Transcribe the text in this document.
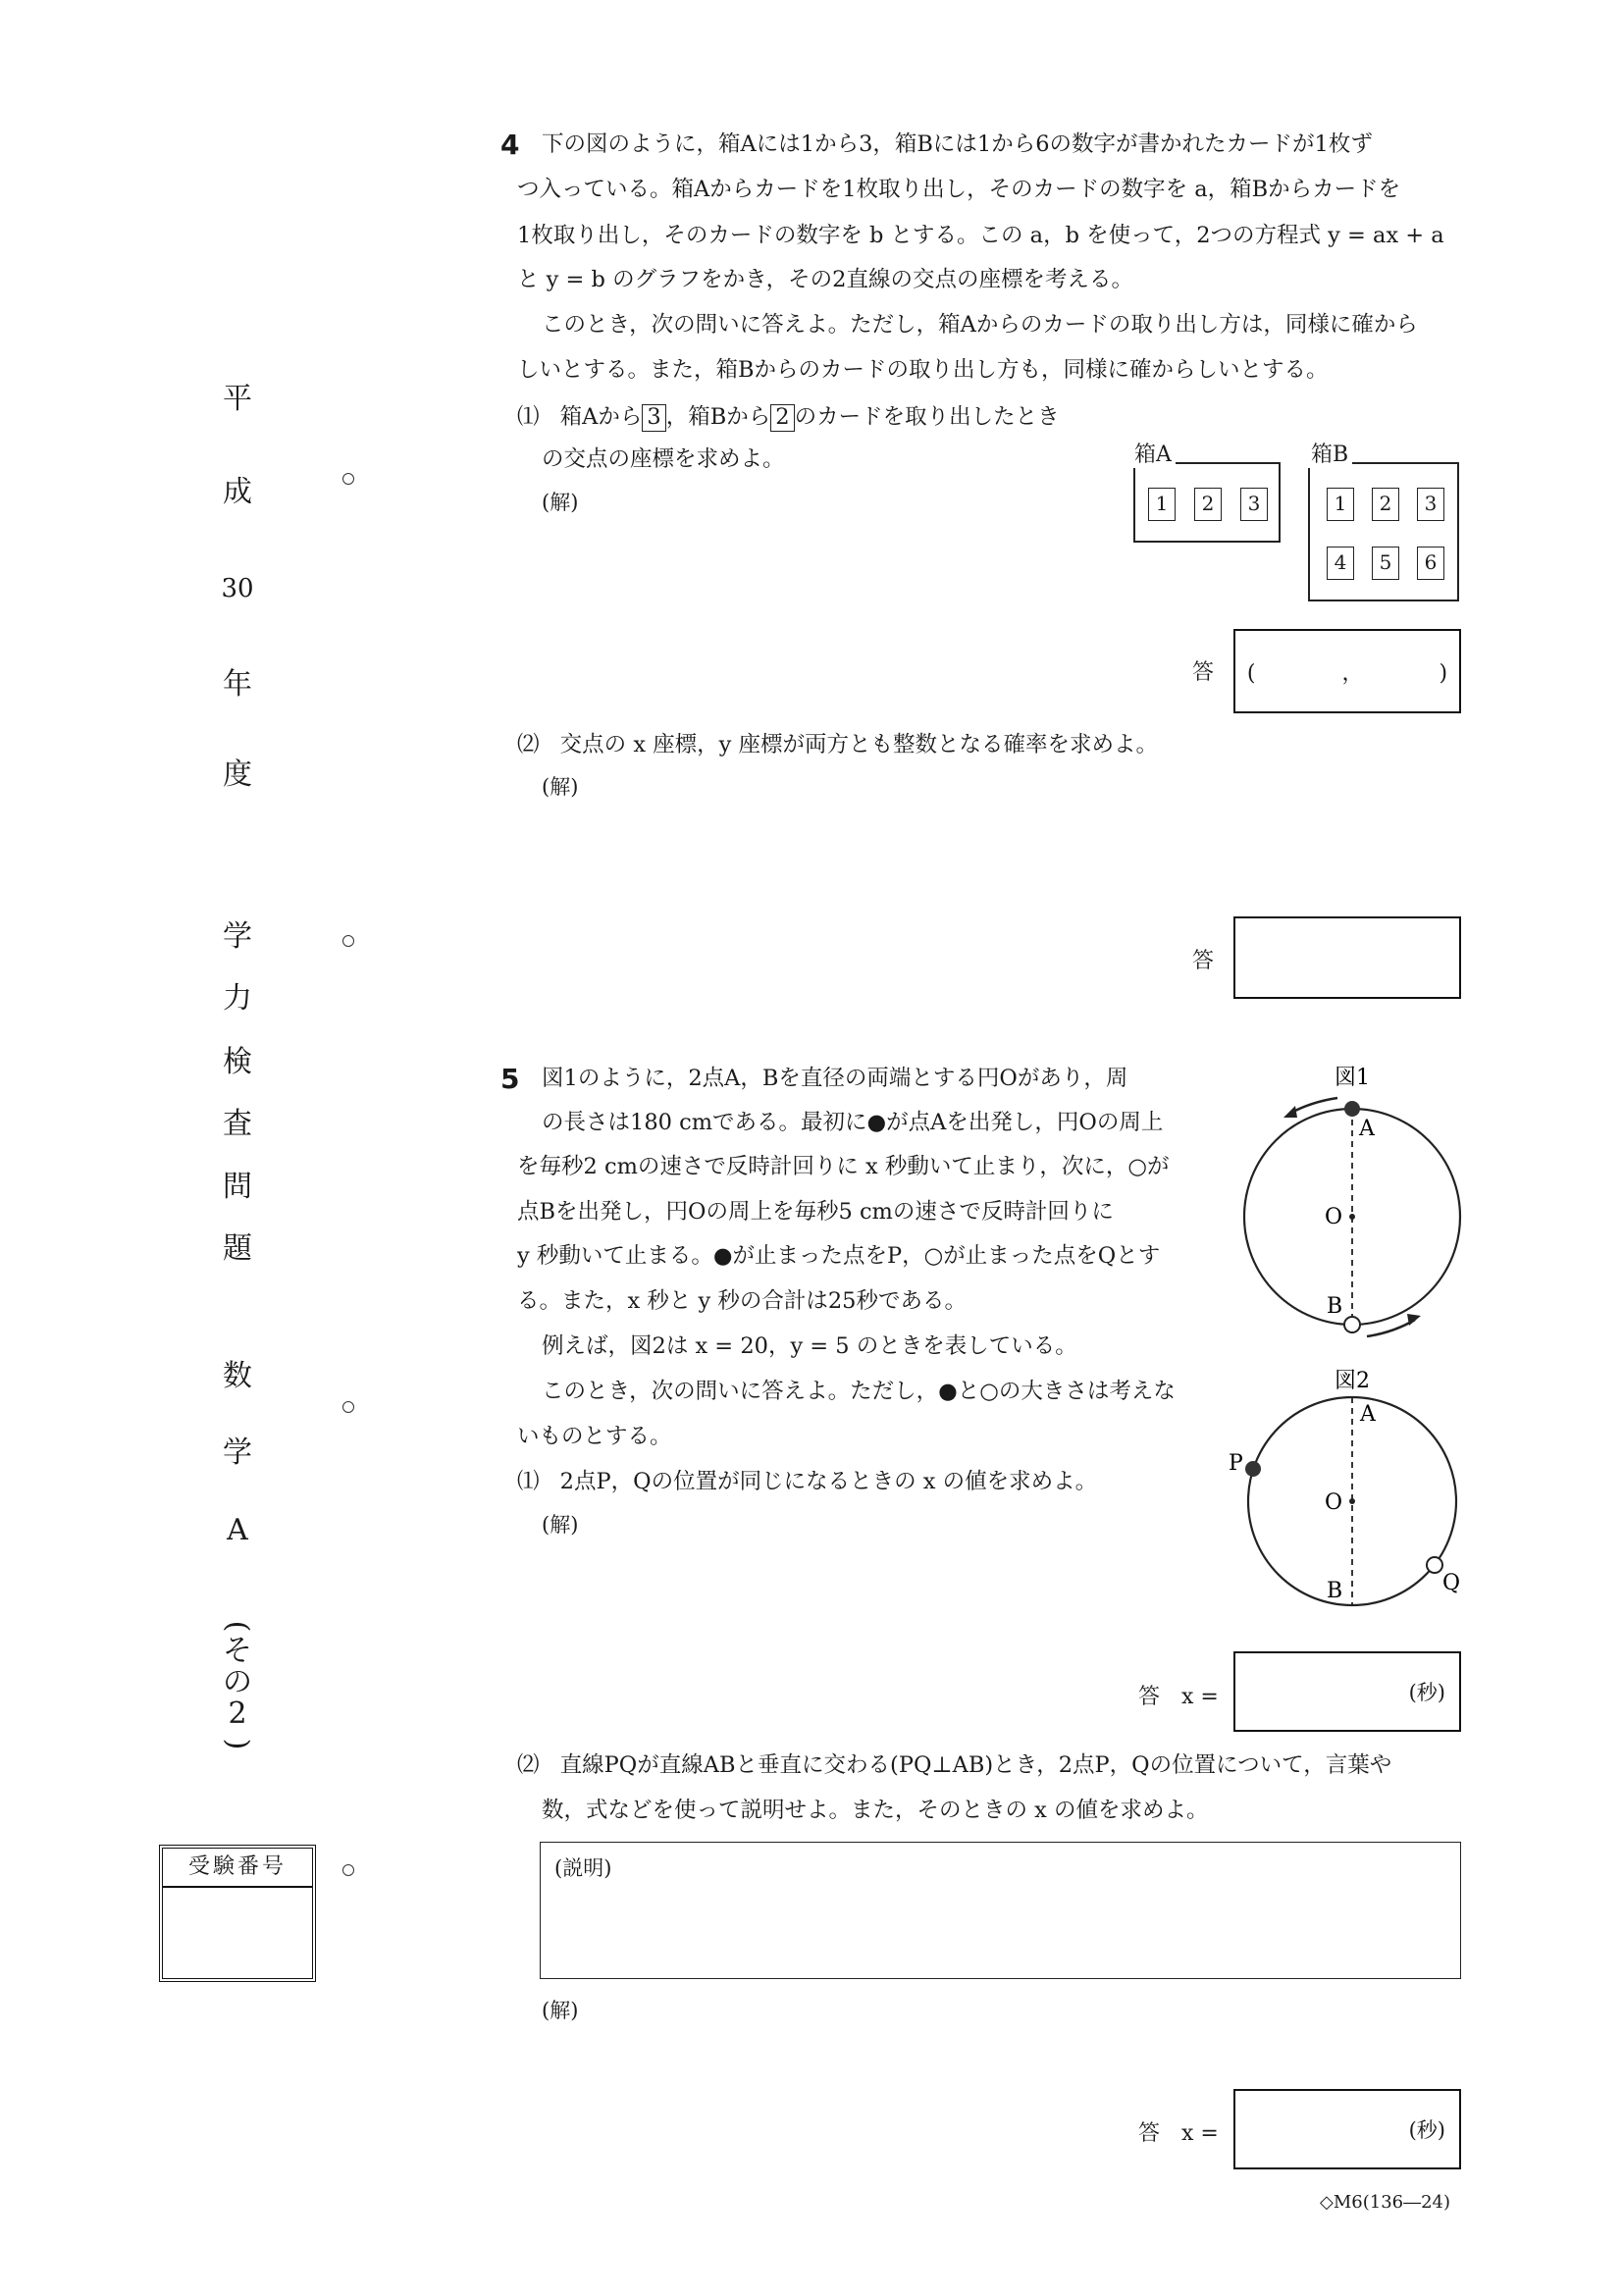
平
成
30
年
度
学
力
検
査
問
題
数
学
A
(
そ
の
2
)
受験番号
4 下の図のように，箱Aには1から3，箱Bには1から6の数字が書かれたカードが1枚ず
つ入っている。箱Aからカードを1枚取り出し，そのカードの数字を a，箱Bからカードを
1枚取り出し，そのカードの数字を b とする。この a，b を使って，2つの方程式 y = ax + a
と y = b のグラフをかき，その2直線の交点の座標を考える。
このとき，次の問いに答えよ。ただし，箱Aからのカードの取り出し方は，同様に確から
しいとする。また，箱Bからのカードの取り出し方も，同様に確からしいとする。
⑴ 箱Aから 3 ，箱Bから 2 のカードを取り出したとき
の交点の座標を求めよ。
(解)	1	2	3
箱A
1	2	3
4	5	6
箱B
答	(　　　　，　　　　)
⑵ 交点の x 座標，y 座標が両方とも整数となる確率を求めよ。
(解)
答
5 図1のように，2点A，Bを直径の両端とする円Oがあり，周
の長さは180 cmである。最初に●が点Aを出発し，円Oの周上
を毎秒2 cmの速さで反時計回りに x 秒動いて止まり，次に，○が
点Bを出発し，円Oの周上を毎秒5 cmの速さで反時計回りに
y 秒動いて止まる。●が止まった点をP，○が止まった点をQとす
る。また，x 秒と y 秒の合計は25秒である。
例えば，図2は x = 20，y = 5 のときを表している。
このとき，次の問いに答えよ。ただし，●と○の大きさは考えな
いものとする。
⑴ 2点P，Qの位置が同じになるときの x の値を求めよ。
(解)
図1
A
O
B
図2
A
O
B
P
Q
答　x =	(秒)
⑵ 直線PQが直線ABと垂直に交わる(PQ⊥AB)とき，2点P，Qの位置について，言葉や
数，式などを使って説明せよ。また，そのときの x の値を求めよ。
(説明)
(解)
答　x =	(秒)
◇M6(136―24)
